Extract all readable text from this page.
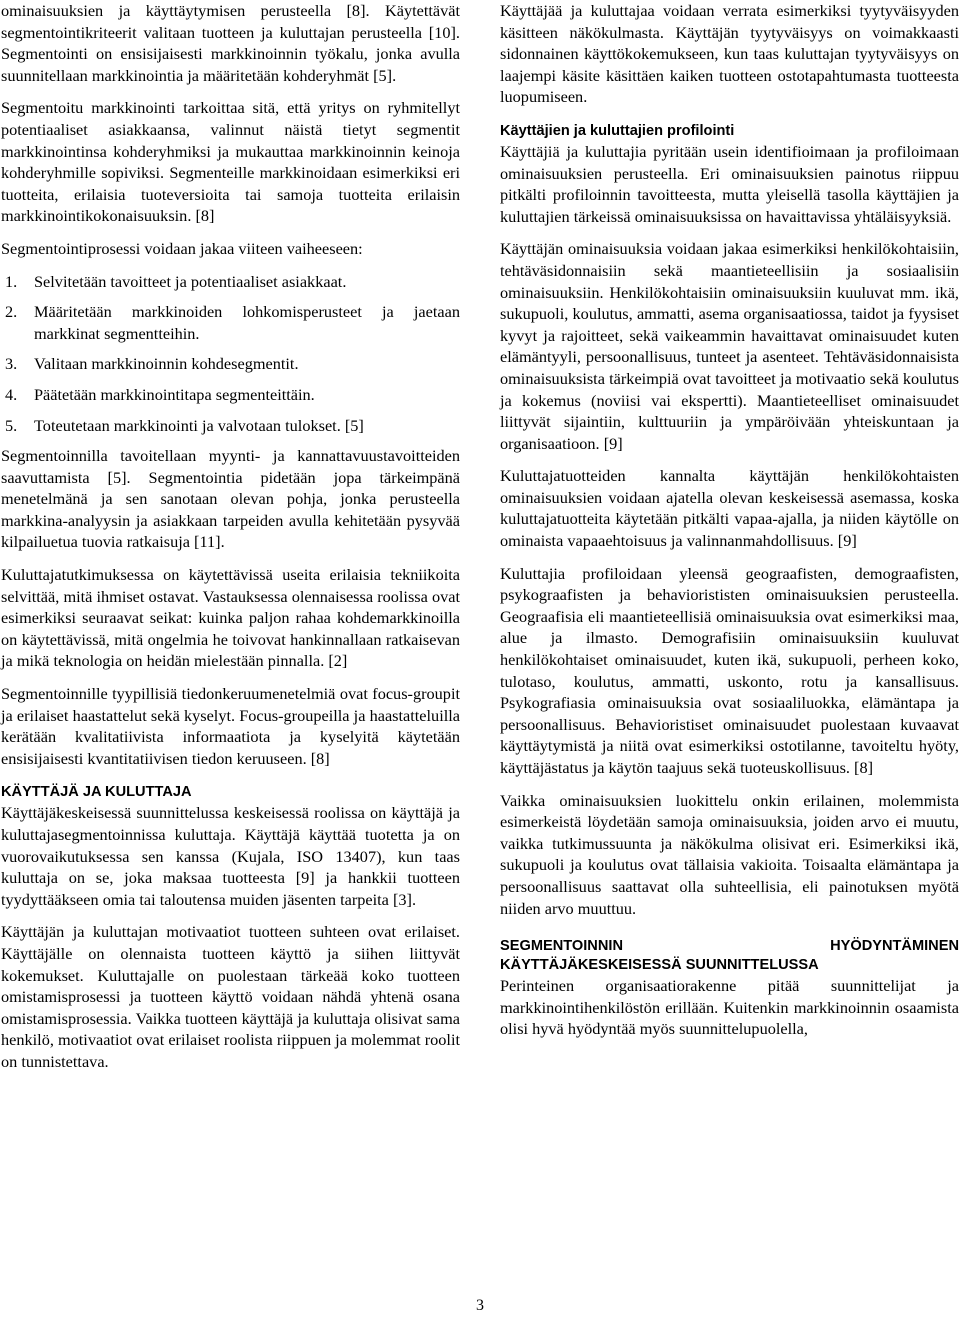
ominaisuuksien ja käyttäytymisen perusteella [8]. Käytettävät segmentointikriteerit valitaan tuotteen ja kuluttajan perusteella [10]. Segmentointi on ensisijaisesti markkinoinnin työkalu, jonka avulla suunnitellaan markkinointia ja määritetään kohderyhmät [5].

Segmentoitu markkinointi tarkoittaa sitä, että yritys on ryhmitellyt potentiaaliset asiakkaansa, valinnut näistä tietyt segmentit markkinointinsa kohderyhmiksi ja mukauttaa markkinoinnin keinoja kohderyhmille sopiviksi. Segmenteille markkinoidaan esimerkiksi eri tuotteita, erilaisia tuoteversioita tai samoja tuotteita erilaisin markkinointikokonaisuuksin. [8]

Segmentointiprosessi voidaan jakaa viiteen vaiheeseen:

1.	Selvitetään tavoitteet ja potentiaaliset asiakkaat.
2.	Määritetään markkinoiden lohkomisperusteet ja jaetaan markkinat segmentteihin.
3.	Valitaan markkinoinnin kohdesegmentit.
4.	Päätetään markkinointitapa segmenteittäin.
5.	Toteutetaan markkinointi ja valvotaan tulokset. [5]

Segmentoinnilla tavoitellaan myynti- ja kannattavuustavoitteiden saavuttamista [5]. Segmentointia pidetään jopa tärkeimpänä menetelmänä ja sen sanotaan olevan pohja, jonka perusteella markkina-analyysin ja asiakkaan tarpeiden avulla kehitetään pysyvää kilpailuetua tuovia ratkaisuja [11].

Kuluttajatutkimuksessa on käytettävissä useita erilaisia tekniikoita selvittää, mitä ihmiset ostavat. Vastauksessa olennaisessa roolissa ovat esimerkiksi seuraavat seikat: kuinka paljon rahaa kohdemarkkinoilla on käytettävissä, mitä ongelmia he toivovat hankinnallaan ratkaisevan ja mikä teknologia on heidän mielestään pinnalla. [2]

Segmentoinnille tyypillisiä tiedonkeruumenetelmiä ovat focus-groupit ja erilaiset haastattelut sekä kyselyt. Focus-groupeilla ja haastatteluilla kerätään kvalitatiivista informaatiota ja kyselyitä käytetään ensisijaisesti kvantitatiivisen tiedon keruuseen. [8]

KÄYTTÄJÄ JA KULUTTAJA

Käyttäjäkeskeisessä suunnittelussa keskeisessä roolissa on käyttäjä ja kuluttajasegmentoinnissa kuluttaja. Käyttäjä käyttää tuotetta ja on vuorovaikutuksessa sen kanssa (Kujala, ISO 13407), kun taas kuluttaja on se, joka maksaa tuotteesta [9] ja hankkii tuotteen tyydyttääkseen omia tai taloutensa muiden jäsenten tarpeita [3].

Käyttäjän ja kuluttajan motivaatiot tuotteen suhteen ovat erilaiset. Käyttäjälle on olennaista tuotteen käyttö ja siihen liittyvät kokemukset. Kuluttajalle on puolestaan tärkeää koko tuotteen omistamisprosessi ja tuotteen käyttö voidaan nähdä yhtenä osana omistamisprosessia. Vaikka tuotteen käyttäjä ja kuluttaja olisivat sama henkilö, motivaatiot ovat erilaiset roolista riippuen ja molemmat roolit on tunnistettava.

Käyttäjää ja kuluttajaa voidaan verrata esimerkiksi tyytyväisyyden käsitteen näkökulmasta. Käyttäjän tyytyväisyys on voimakkaasti sidonnainen käyttökokemukseen, kun taas kuluttajan tyytyväisyys on laajempi käsite käsittäen kaiken tuotteen ostotapahtumasta tuotteesta luopumiseen.

Käyttäjien ja kuluttajien profilointi

Käyttäjiä ja kuluttajia pyritään usein identifioimaan ja profiloimaan ominaisuuksien perusteella. Eri ominaisuuksien painotus riippuu pitkälti profiloinnin tavoitteesta, mutta yleisellä tasolla käyttäjien ja kuluttajien tärkeissä ominaisuuksissa on havaittavissa yhtäläisyyksiä.

Käyttäjän ominaisuuksia voidaan jakaa esimerkiksi henkilökohtaisiin, tehtäväsidonnaisiin sekä maantieteellisiin ja sosiaalisiin ominaisuuksiin. Henkilökohtaisiin ominaisuuksiin kuuluvat mm. ikä, sukupuoli, koulutus, ammatti, asema organisaatiossa, taidot ja fyysiset kyvyt ja rajoitteet, sekä vaikeammin havaittavat ominaisuudet kuten elämäntyyli, persoonallisuus, tunteet ja asenteet. Tehtäväsidonnaisista ominaisuuksista tärkeimpiä ovat tavoitteet ja motivaatio sekä koulutus ja kokemus (noviisi vai ekspertti). Maantieteelliset ominaisuudet liittyvät sijaintiin, kulttuuriin ja ympäröivään yhteiskuntaan ja organisaatioon. [9]

Kuluttajatuotteiden kannalta käyttäjän henkilökohtaisten ominaisuuksien voidaan ajatella olevan keskeisessä asemassa, koska kuluttajatuotteita käytetään pitkälti vapaa-ajalla, ja niiden käytölle on ominaista vapaaehtoisuus ja valinnanmahdollisuus. [9]

Kuluttajia profiloidaan yleensä geograafisten, demograafisten, psykograafisten ja behaviorististen ominaisuuksien perusteella. Geograafisia eli maantieteellisiä ominaisuuksia ovat esimerkiksi maa, alue ja ilmasto. Demografisiin ominaisuuksiin kuuluvat henkilökohtaiset ominaisuudet, kuten ikä, sukupuoli, perheen koko, tulotaso, koulutus, ammatti, uskonto, rotu ja kansallisuus. Psykografiasia ominaisuuksia ovat sosiaaliluokka, elämäntapa ja persoonallisuus. Behavioristiset ominaisuudet puolestaan kuvaavat käyttäytymistä ja niitä ovat esimerkiksi ostotilanne, tavoiteltu hyöty, käyttäjästatus ja käytön taajuus sekä tuoteuskollisuus. [8]

Vaikka ominaisuuksien luokittelu onkin erilainen, molemmista esimerkeistä löydetään samoja ominaisuuksia, joiden arvo ei muutu, vaikka tutkimussuunta ja näkökulma olisivat eri. Esimerkiksi ikä, sukupuoli ja koulutus ovat tällaisia vakioita. Toisaalta elämäntapa ja persoonallisuus saattavat olla suhteellisia, eli painotuksen myötä niiden arvo muuttuu.

SEGMENTOINNIN HYÖDYNTÄMINEN
KÄYTTÄJÄKESKEISESSÄ SUUNNITTELUSSA

Perinteinen organisaatiorakenne pitää suunnittelijat ja markkinointihenkilöstön erillään. Kuitenkin markkinoinnin osaamista olisi hyvä hyödyntää myös suunnittelupuolella,

3
